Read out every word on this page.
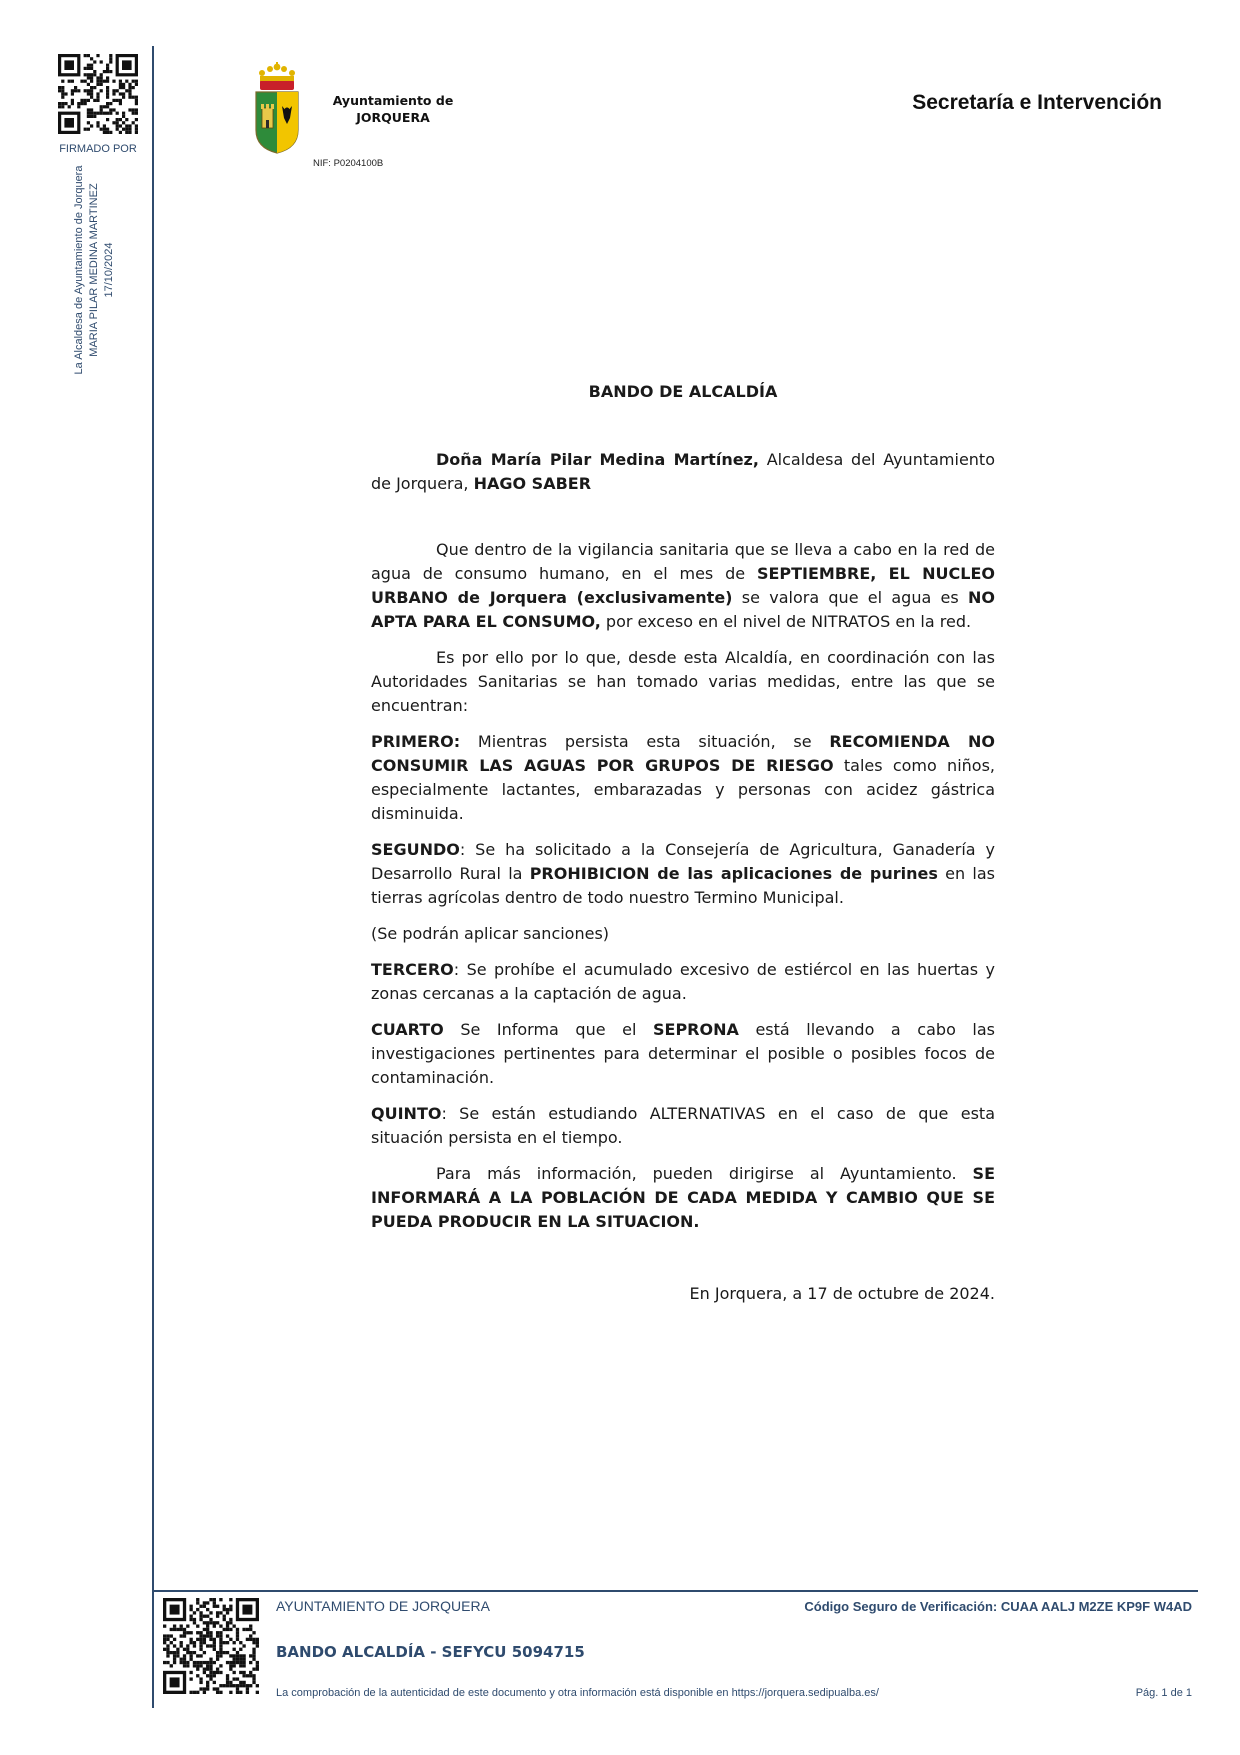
FIRMADO POR
La Alcaldesa de Ayuntamiento de Jorquera MARIA PILAR MEDINA MARTINEZ 17/10/2024
Ayuntamiento de
JORQUERA
NIF: P0204100B
Secretaría e Intervención
BANDO DE ALCALDÍA

Doña María Pilar Medina Martínez, Alcaldesa del Ayuntamiento de Jorquera, HAGO SABER

Que dentro de la vigilancia sanitaria que se lleva a cabo en la red de agua de consumo humano, en el mes de SEPTIEMBRE, EL NUCLEO URBANO de Jorquera (exclusivamente) se valora que el agua es NO APTA PARA EL CONSUMO, por exceso en el nivel de NITRATOS en la red.

Es por ello por lo que, desde esta Alcaldía, en coordinación con las Autoridades Sanitarias se han tomado varias medidas, entre las que se encuentran:

PRIMERO: Mientras persista esta situación, se RECOMIENDA NO CONSUMIR LAS AGUAS POR GRUPOS DE RIESGO tales como niños, especialmente lactantes, embarazadas y personas con acidez gástrica disminuida.

SEGUNDO: Se ha solicitado a la Consejería de Agricultura, Ganadería y Desarrollo Rural la PROHIBICION de las aplicaciones de purines en las tierras agrícolas dentro de todo nuestro Termino Municipal.

(Se podrán aplicar sanciones)

TERCERO: Se prohíbe el acumulado excesivo de estiércol en las huertas y zonas cercanas a la captación de agua.

CUARTO Se Informa que el SEPRONA está llevando a cabo las investigaciones pertinentes para determinar el posible o posibles focos de contaminación.

QUINTO: Se están estudiando ALTERNATIVAS en el caso de que esta situación persista en el tiempo.

Para más información, pueden dirigirse al Ayuntamiento. SE INFORMARÁ A LA POBLACIÓN DE CADA MEDIDA Y CAMBIO QUE SE PUEDA PRODUCIR EN LA SITUACION.

En Jorquera, a 17 de octubre de 2024.
AYUNTAMIENTO DE JORQUERA	Código Seguro de Verificación: CUAA AALJ M2ZE KP9F W4AD
BANDO ALCALDÍA - SEFYCU 5094715
La comprobación de la autenticidad de este documento y otra información está disponible en https://jorquera.sedipualba.es/	Pág. 1 de 1
